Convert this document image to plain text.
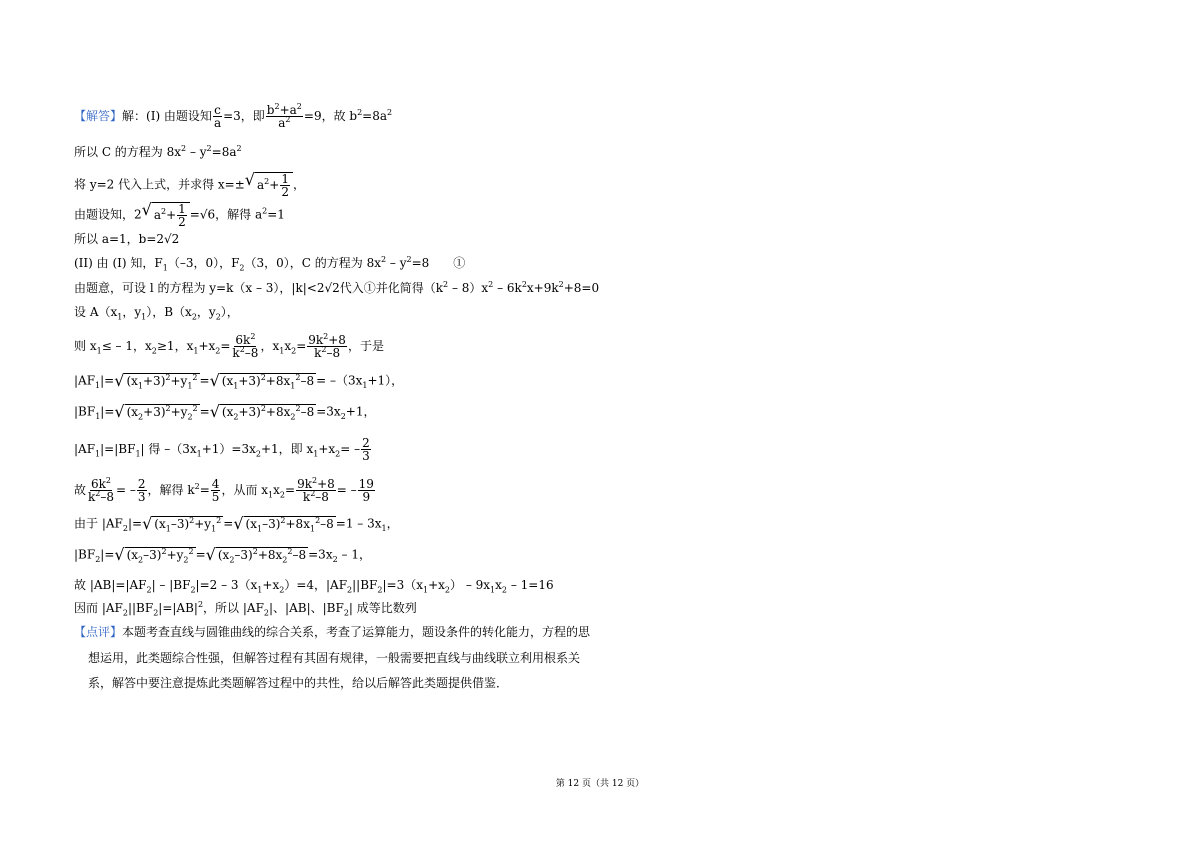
【解答】解：(I) 由题设知 $\frac{c}{a} =3$，即 $\frac{b^2+a^2}{a^2} =9$，故 $b^2=8a^2$
所以 C 的方程为 $8x^2 - y^2=8a^2$
将 y=2 代入上式，并求得 x=± √ $a^2+ \frac{1}{2}$ ，
由题设知，2 √ $a^2+ \frac{1}{2} =√6$，解得 $a^2=1$
所以 a=1，b=2√2
(II) 由 (I) 知，$F_1(-3$，0），$F_2(3$，0），C 的方程为 $8x^2 - y^2=8$　　①
由题意，可设 l 的方程为 y=k（x – 3），|k|<2√2代入①并化简得$(k^2 - 8)x^2 - 6k^2x+9k^2+8=0$
设 $A(x_1$，$y_1$），$B(x_2$，$y_2$），
则 $x_1\le - 1$，$x_2\ge 1$，$x_1+x_2= \frac{6k^2}{k^2-8}$ ，$x_1x_2= \frac{9k^2+8}{k^2-8}$ ，于是
$|AF_1|=$ √ $(x_1+3)^2+y_1^2$ = √ $(x_1+3)^2+8x_1^2-8 = -(3x_1+1)$，
$|BF_1|=$ √ $(x_2+3)^2+y_2^2$ = √ $(x_2+3)^2+8x_2^2-8 =3x_2+1$，
$|AF_1|=|BF_1|$ 得 $-(3x_1+1)=3x_2+1$，即 $x_1+x_2= - \frac{2}{3}$
故 $\frac{6k^2}{k^2-8}$ = – $\frac{2}{3}$ ，解得 $k^2= \frac{4}{5}$ ，从而 $x_1x_2= \frac{9k^2+8}{k^2-8}$ = – $\frac{19}{9}$
由于 $|AF_2|=$ √ $(x_1-3)^2+y_1^2$ = √ $(x_1-3)^2+8x_1^2-8 =1 - 3x_1$，
$|BF_2|=$ √ $(x_2-3)^2+y_2^2$ = √ $(x_2-3)^2+8x_2^2-8 =3x_2 - 1$，
故 $|AB|=|AF_2| - |BF_2|=2 - 3(x_1+x_2)=4$，$|AF_2||BF_2|=3(x_1+x_2) - 9x_1x_2 - 1=16$
因而 $|AF_2||BF_2|=|AB|^2$，所以 $|AF_2|$、|AB|、$|BF_2|$ 成等比数列
【点评】本题考查直线与圆锥曲线的综合关系，考查了运算能力，题设条件的转化能力，方程的思
想运用，此类题综合性强，但解答过程有其固有规律，一般需要把直线与曲线联立利用根系关
系，解答中要注意提炼此类题解答过程中的共性，给以后解答此类题提供借鉴．
第 12 页（共 12 页）
